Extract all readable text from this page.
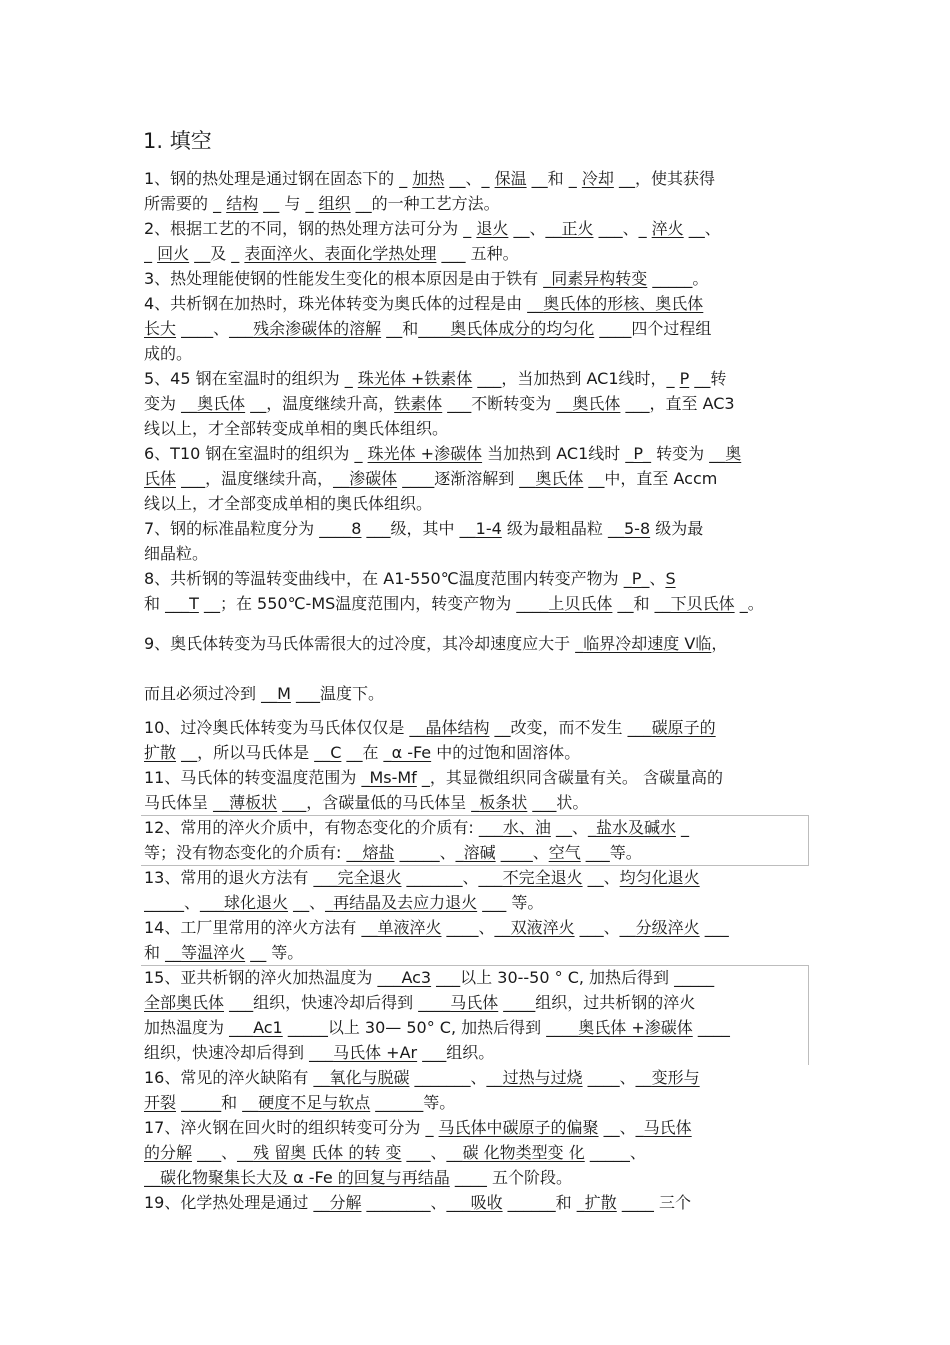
1. 填空
1、钢的热处理是通过钢在固态下的 _ 加热 __、_ 保温 __和 _ 冷却 __，使其获得
所需要的 _ 结构 __ 与 _ 组织 __的一种工艺方法。
2、根据工艺的不同，钢的热处理方法可分为 _ 退火 __、__正火 ___、_ 淬火 __、
_ 回火 __及 _ 表面淬火、表面化学热处理 ___ 五种。
3、热处理能使钢的性能发生变化的根本原因是由于铁有 _同素异构转变 _____。
4、共析钢在加热时，珠光体转变为奥氏体的过程是由 __奥氏体的形核、奥氏体
长大 ____、___残余渗碳体的溶解 __和____奥氏体成分的均匀化 ____四个过程组
成的。
5、45 钢在室温时的组织为 _ 珠光体 +铁素体 ___，当加热到 AC1线时，_ P __转
变为 __奥氏体 __，温度继续升高，铁素体 ___不断转变为 __奥氏体 ___，直至 AC3
线以上，才全部转变成单相的奥氏体组织。
6、T10 钢在室温时的组织为 _ 珠光体 +渗碳体 当加热到 AC1线时 _P_ 转变为 __奥
氏体 ___，温度继续升高，__渗碳体 ____逐渐溶解到 __奥氏体 __中，直至 Accm
线以上，才全部变成单相的奥氏体组织。
7、钢的标准晶粒度分为 ____8 ___级，其中 __1-4 级为最粗晶粒 __5-8 级为最
细晶粒。
8、共析钢的等温转变曲线中，在 A1-550℃温度范围内转变产物为 _P_、S
和 ___T __；在 550℃-MS温度范围内，转变产物为 ____上贝氏体 __和 __下贝氏体 _。
9、奥氏体转变为马氏体需很大的过冷度，其冷却速度应大于 _临界冷却速度 V临，
而且必须过冷到 __M ___温度下。
10、过冷奥氏体转变为马氏体仅仅是 __晶体结构 __改变，而不发生 ___碳原子的
扩散 __，所以马氏体是 __C __在 _α -Fe 中的过饱和固溶体。
11、马氏体的转变温度范围为 _Ms-Mf _，其显微组织同含碳量有关。 含碳量高的
马氏体呈 __薄板状 ___，含碳量低的马氏体呈 _板条状 ___状。
12、常用的淬火介质中，有物态变化的介质有: ___水、油 __、_盐水及碱水 _
等；没有物态变化的介质有: __熔盐 _____、_溶碱 ____、空气 ___等。
13、常用的退火方法有 ___完全退火 _______、___不完全退火 __、均匀化退火
_____、___球化退火 __、_再结晶及去应力退火 ___ 等。
14、工厂里常用的淬火方法有 __单液淬火 ____、__双液淬火 ___、__分级淬火 ___
和 __等温淬火 __ 等。
15、亚共析钢的淬火加热温度为 ___Ac3 ___以上 30--50 ° C, 加热后得到 _____
全部奥氏体 ___组织，快速冷却后得到 ____马氏体 ____组织，过共析钢的淬火
加热温度为 ___Ac1 _____以上 30— 50° C, 加热后得到 ____奥氏体 +渗碳体 ____
组织，快速冷却后得到 ___马氏体 +Ar ___组织。
16、常见的淬火缺陷有 __氧化与脱碳 _______、__过热与过烧 ____、__变形与
开裂 _____和 __硬度不足与软点 ______等。
17、淬火钢在回火时的组织转变可分为 _ 马氏体中碳原子的偏聚 __、_马氏体
的分解 ___、__残 留奥 氏体 的转 变 ___、__碳 化物类型变 化 _____、
__碳化物聚集长大及 α -Fe 的回复与再结晶 ____ 五个阶段。
19、化学热处理是通过 __分解 ________、___吸收 ______和 _扩散 ____ 三个
